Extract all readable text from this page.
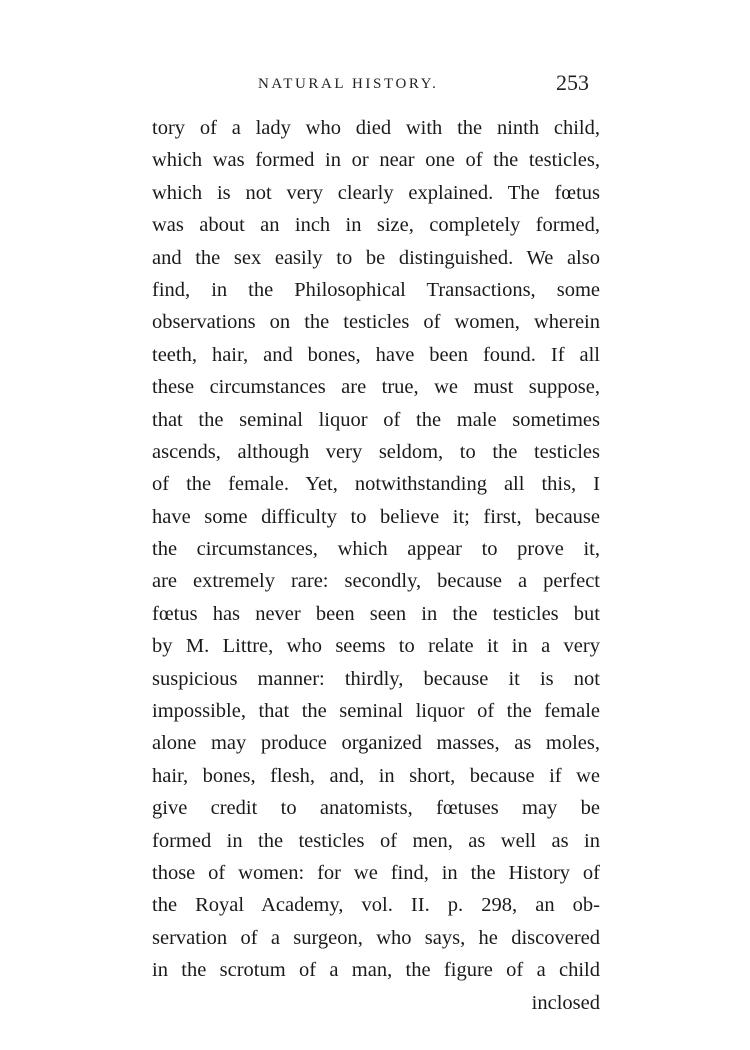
NATURAL HISTORY.	253
tory of a lady who died with the ninth child,
which was formed in or near one of the testicles,
which is not very clearly explained. The fœtus
was about an inch in size, completely formed,
and the sex easily to be distinguished. We also
find, in the Philosophical Transactions, some
observations on the testicles of women, wherein
teeth, hair, and bones, have been found. If all
these circumstances are true, we must suppose,
that the seminal liquor of the male sometimes
ascends, although very seldom, to the testicles
of the female. Yet, notwithstanding all this, I
have some difficulty to believe it; first, because
the circumstances, which appear to prove it,
are extremely rare: secondly, because a perfect
fœtus has never been seen in the testicles but
by M. Littre, who seems to relate it in a very
suspicious manner: thirdly, because it is not
impossible, that the seminal liquor of the female
alone may produce organized masses, as moles,
hair, bones, flesh, and, in short, because if we
give credit to anatomists, fœtuses may be
formed in the testicles of men, as well as in
those of women: for we find, in the History of
the Royal Academy, vol. II. p. 298, an ob-
servation of a surgeon, who says, he discovered
in the scrotum of a man, the figure of a child
inclosed
